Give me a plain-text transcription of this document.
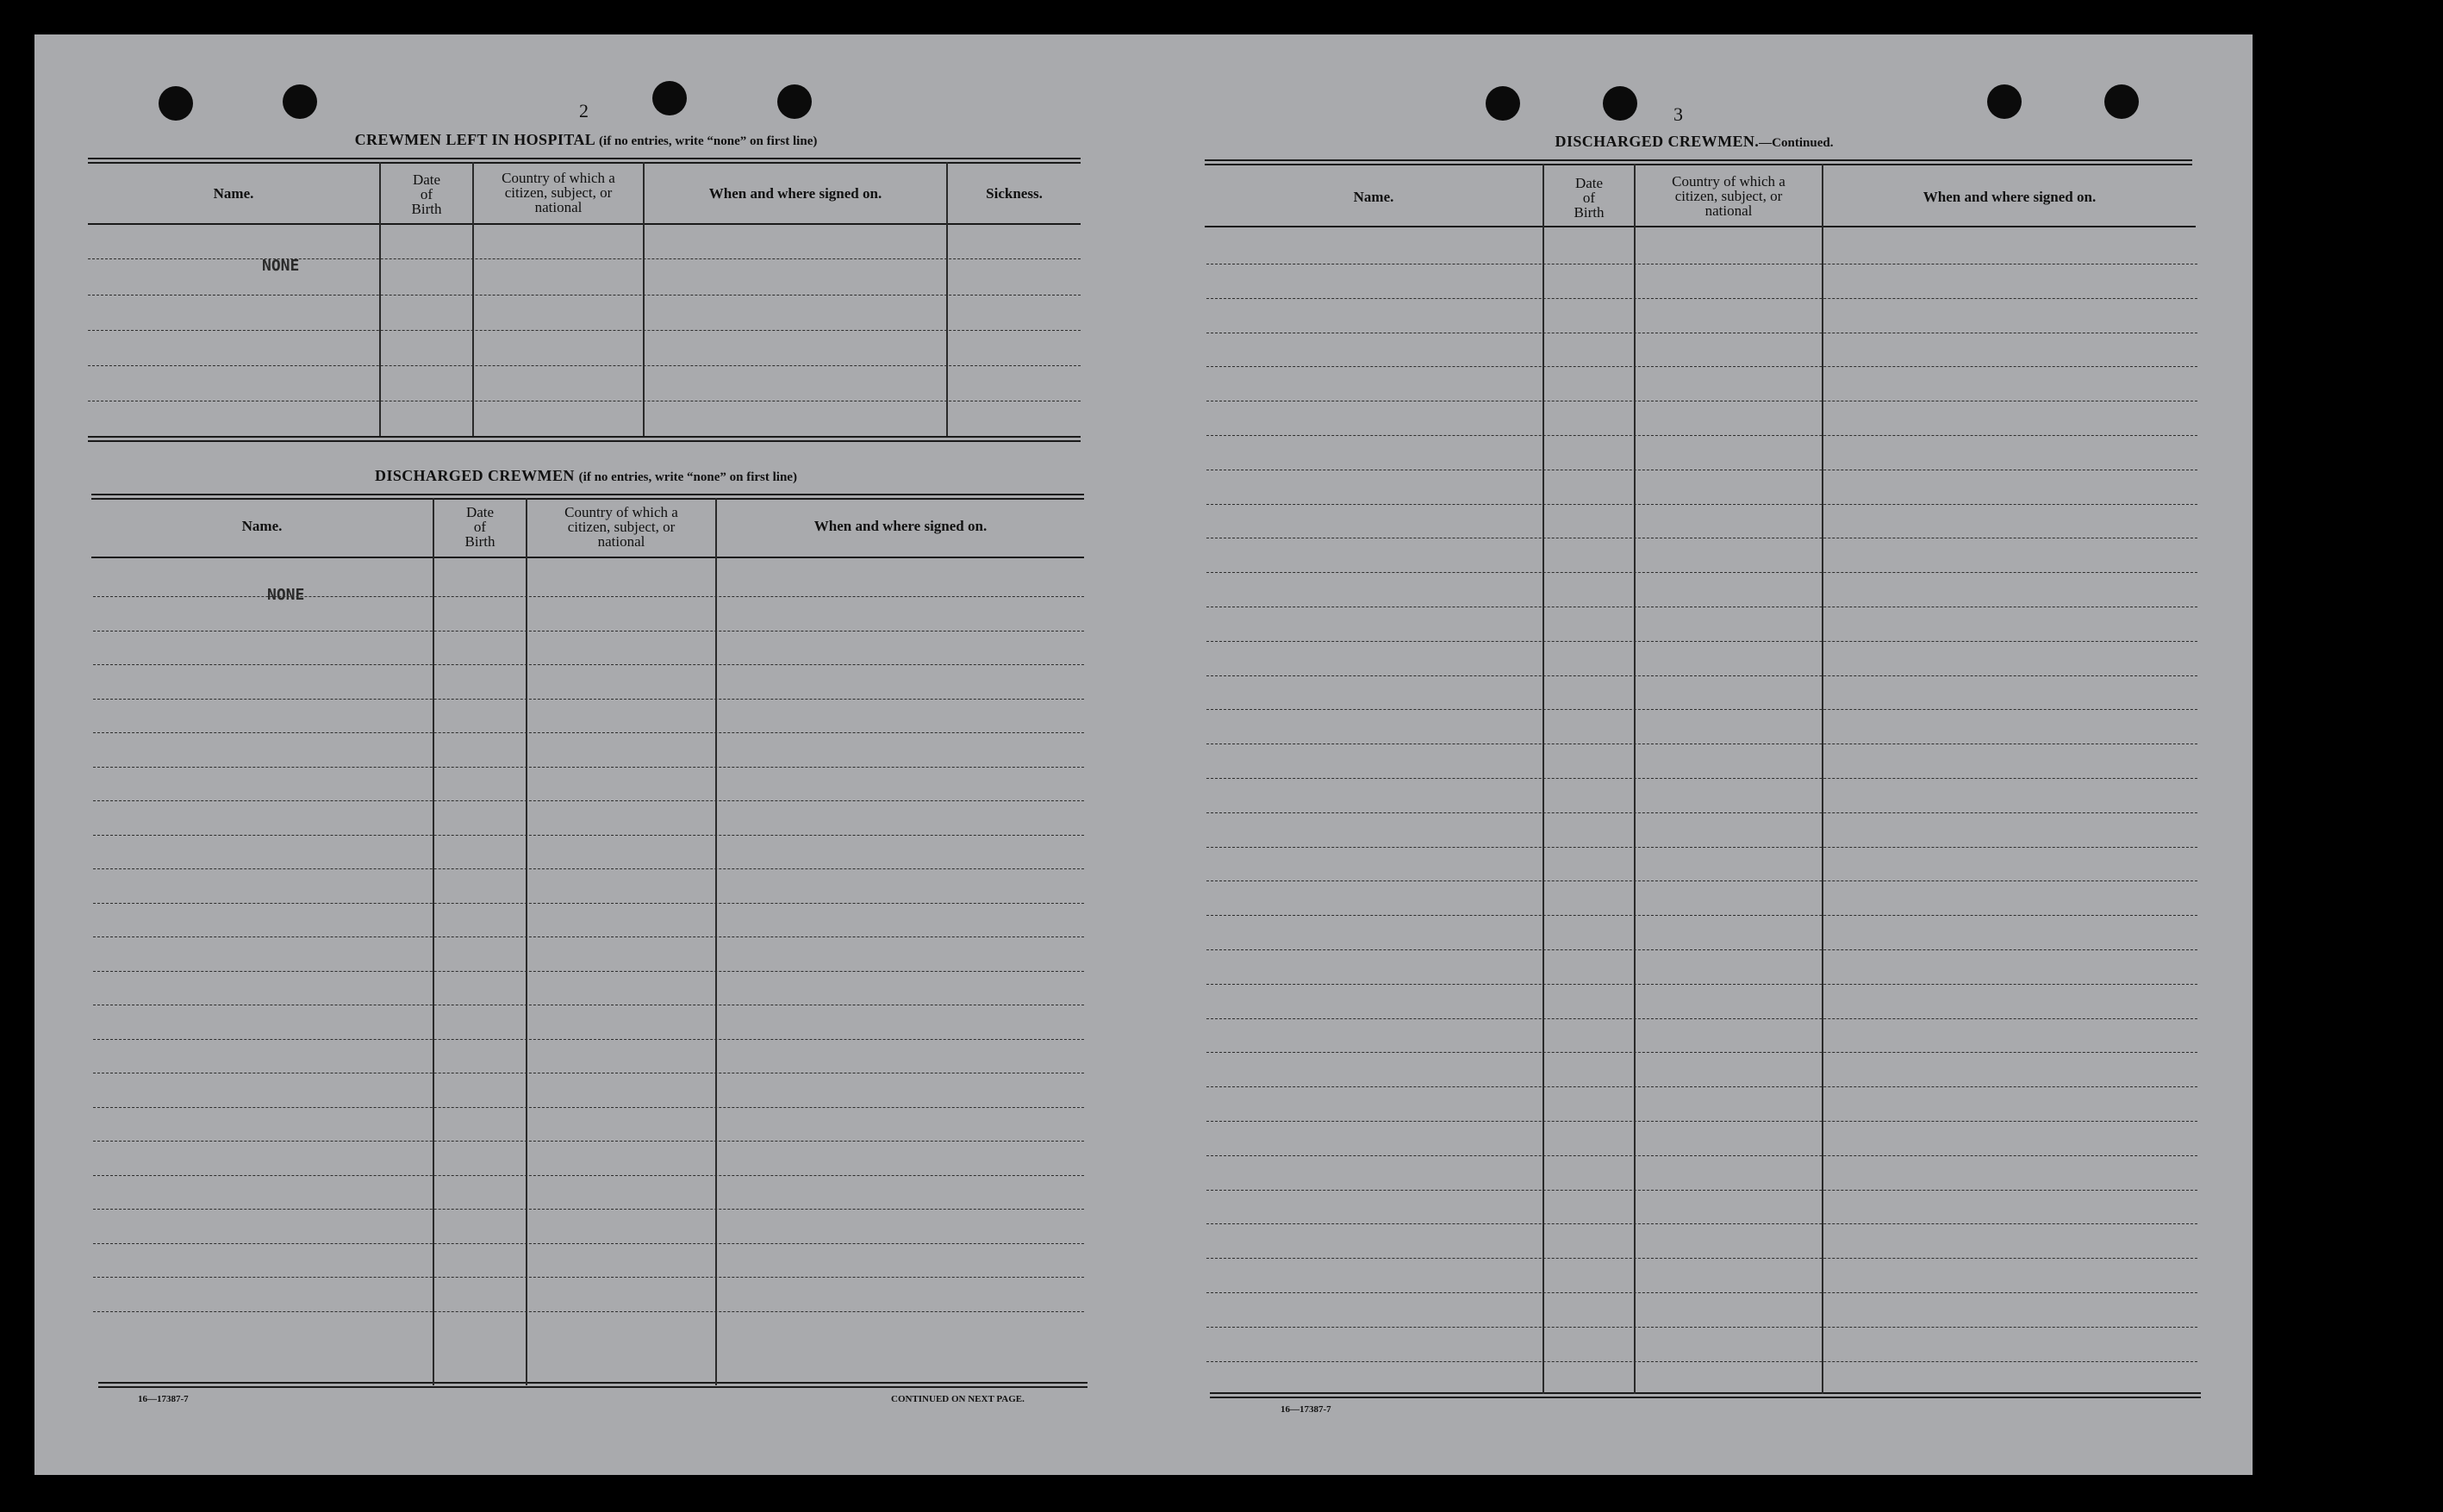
2
CREWMEN LEFT IN HOSPITAL (if no entries, write “none” on first line)
Name.
Date
of
Birth
Country of which a
citizen, subject, or
national
When and where signed on.	Sickness.
NONE
DISCHARGED CREWMEN (if no entries, write “none” on first line)
Name.
Date
of
Birth
Country of which a
citizen, subject, or
national
When and where signed on.
NONE
16—17387-7	CONTINUED ON NEXT PAGE.
3
DISCHARGED CREWMEN.—Continued.
Name.
Date
of
Birth
Country of which a
citizen, subject, or
national
When and where signed on.
16—17387-7
